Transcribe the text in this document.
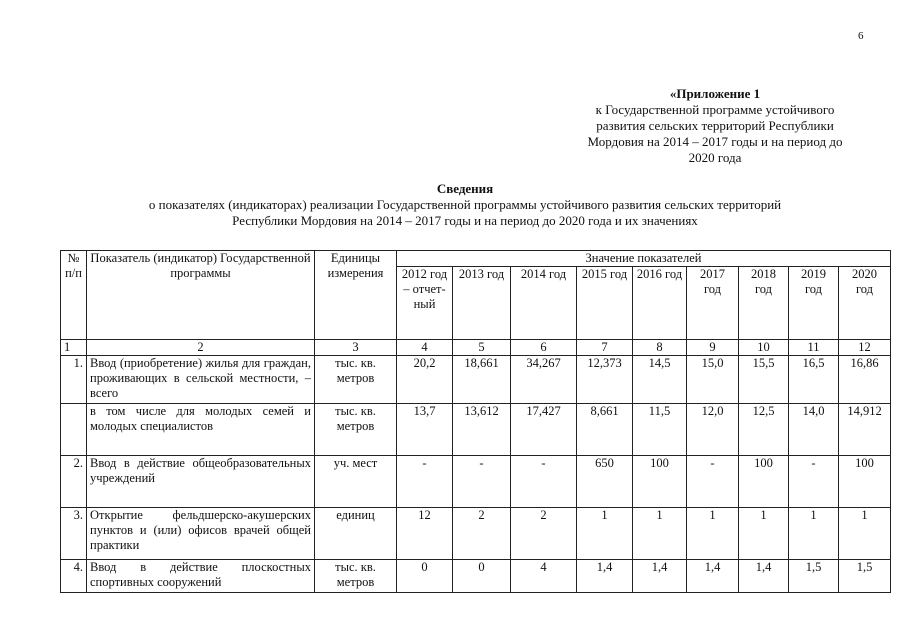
6
«Приложение 1
к Государственной программе устойчивого
развития сельских территорий Республики
Мордовия на 2014 – 2017 годы и на период до
2020 года
Сведения
о показателях (индикаторах) реализации Государственной программы устойчивого развития сельских территорий
Республики Мордовия на 2014 – 2017 годы и на период до 2020 года и их значениях
№ п/п	Показатель (индикатор) Государственной программы	Единицы измерения	Значение показателей								
			2012 год – отчет-ный	2013 год	2014 год	2015 год	2016 год	2017 год	2018 год	2019 год	2020 год
1	2	3	4	5	6	7	8	9	10	11	12
1.	Ввод (приобретение) жилья для граждан, проживающих в сельской местности, – всего	тыс. кв. метров	20,2	18,661	34,267	12,373	14,5	15,0	15,5	16,5	16,86
	в том числе для молодых семей и молодых специалистов	тыс. кв. метров	13,7	13,612	17,427	8,661	11,5	12,0	12,5	14,0	14,912
2.	Ввод в действие общеобразовательных учреждений	уч. мест	-	-	-	650	100	-	100	-	100
3.	Открытие фельдшерско-акушерских пунктов и (или) офисов врачей общей практики	единиц	12	2	2	1	1	1	1	1	1
4.	Ввод в действие плоскостных спортивных сооружений	тыс. кв. метров	0	0	4	1,4	1,4	1,4	1,4	1,5	1,5
